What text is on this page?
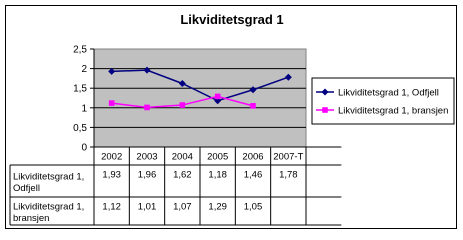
Likviditetsgrad 1
0
0,5
1
1,5
2
2,5
2002 2003 2004 2005 2006 2007-T
Likviditetsgrad 1,
Odfjell
1,93 1,96 1,62 1,18 1,46 1,78
Likviditetsgrad 1,
bransjen
1,12 1,01 1,07 1,29 1,05
Likviditetsgrad 1, Odfjell
Likviditetsgrad 1, bransjen
